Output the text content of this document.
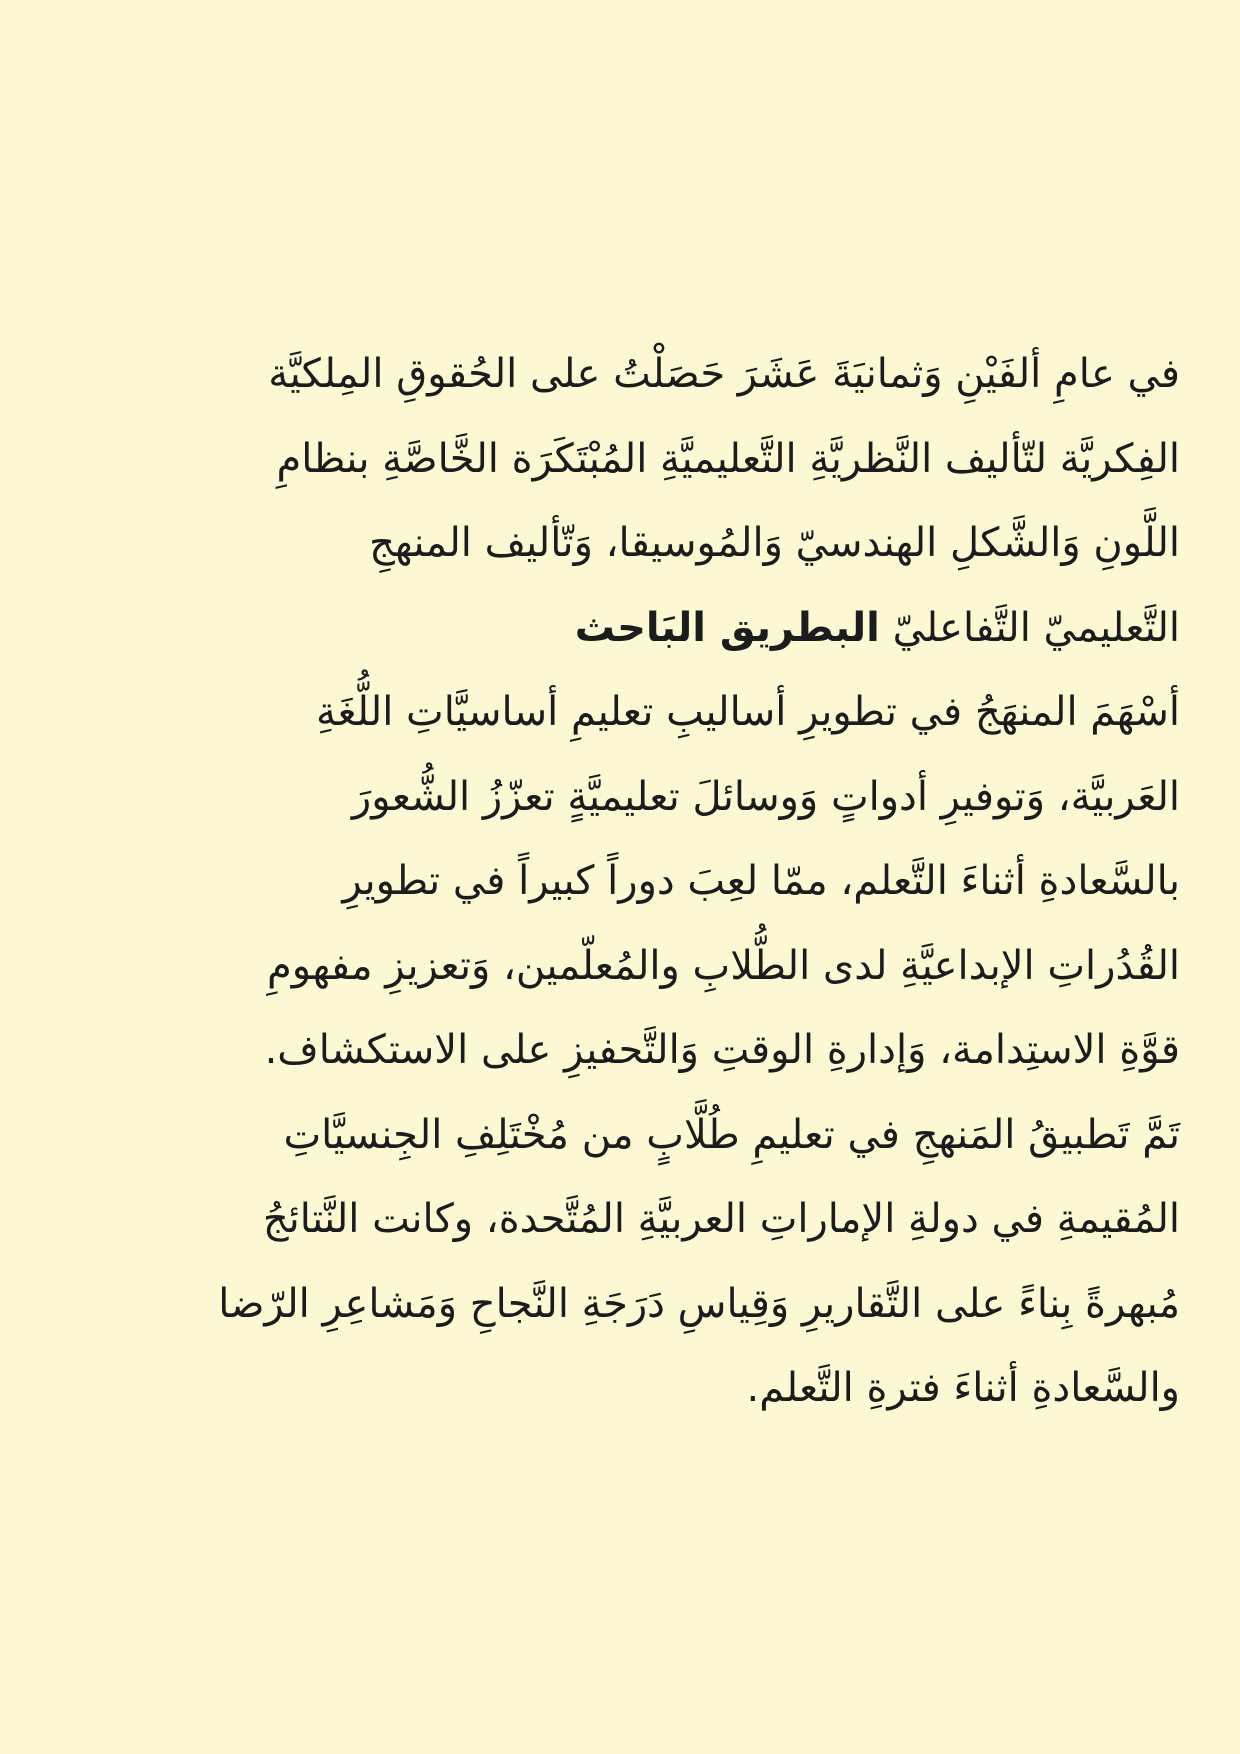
في عامِ ألفَيْنِ وَثمانيَةَ عَشَرَ حَصَلْتُ على الحُقوقِ المِلكيَّة
الفِكريَّة لتّأليف النَّظريَّةِ التَّعليميَّةِ المُبْتَكَرَة الخَّاصَّةِ بنظامِ
اللَّونِ وَالشَّكلِ الهندسيّ وَالمُوسيقا، وَتّأليف المنهجِ
التَّعليميّ التَّفاعليّ البطريق البَاحث
أسْهَمَ المنهَجُ في تطويرِ أساليبِ تعليمِ أساسيَّاتِ اللُّغَةِ
العَربيَّة، وَتوفيرِ أدواتٍ وَوسائلَ تعليميَّةٍ تعزّزُ الشُّعورَ
بالسَّعادةِ أثناءَ التَّعلم، ممّا لعِبَ دوراً كبيراً في تطويرِ
القُدُراتِ الإبداعيَّةِ لدى الطُّلابِ والمُعلّمين، وَتعزيزِ مفهومِ
قوَّةِ الاستِدامة، وَإدارةِ الوقتِ وَالتَّحفيزِ على الاستكشاف.
تَمَّ تَطبيقُ المَنهجِ في تعليمِ طُلَّابٍ من مُخْتَلِفِ الجِنسيَّاتِ
المُقيمةِ في دولةِ الإماراتِ العربيَّةِ المُتَّحدة، وكانت النَّتائجُ
مُبهرةً بِناءً على التَّقاريرِ وَقِياسِ دَرَجَةِ النَّجاحِ وَمَشاعِرِ الرّضا
والسَّعادةِ أثناءَ فترةِ التَّعلم.
